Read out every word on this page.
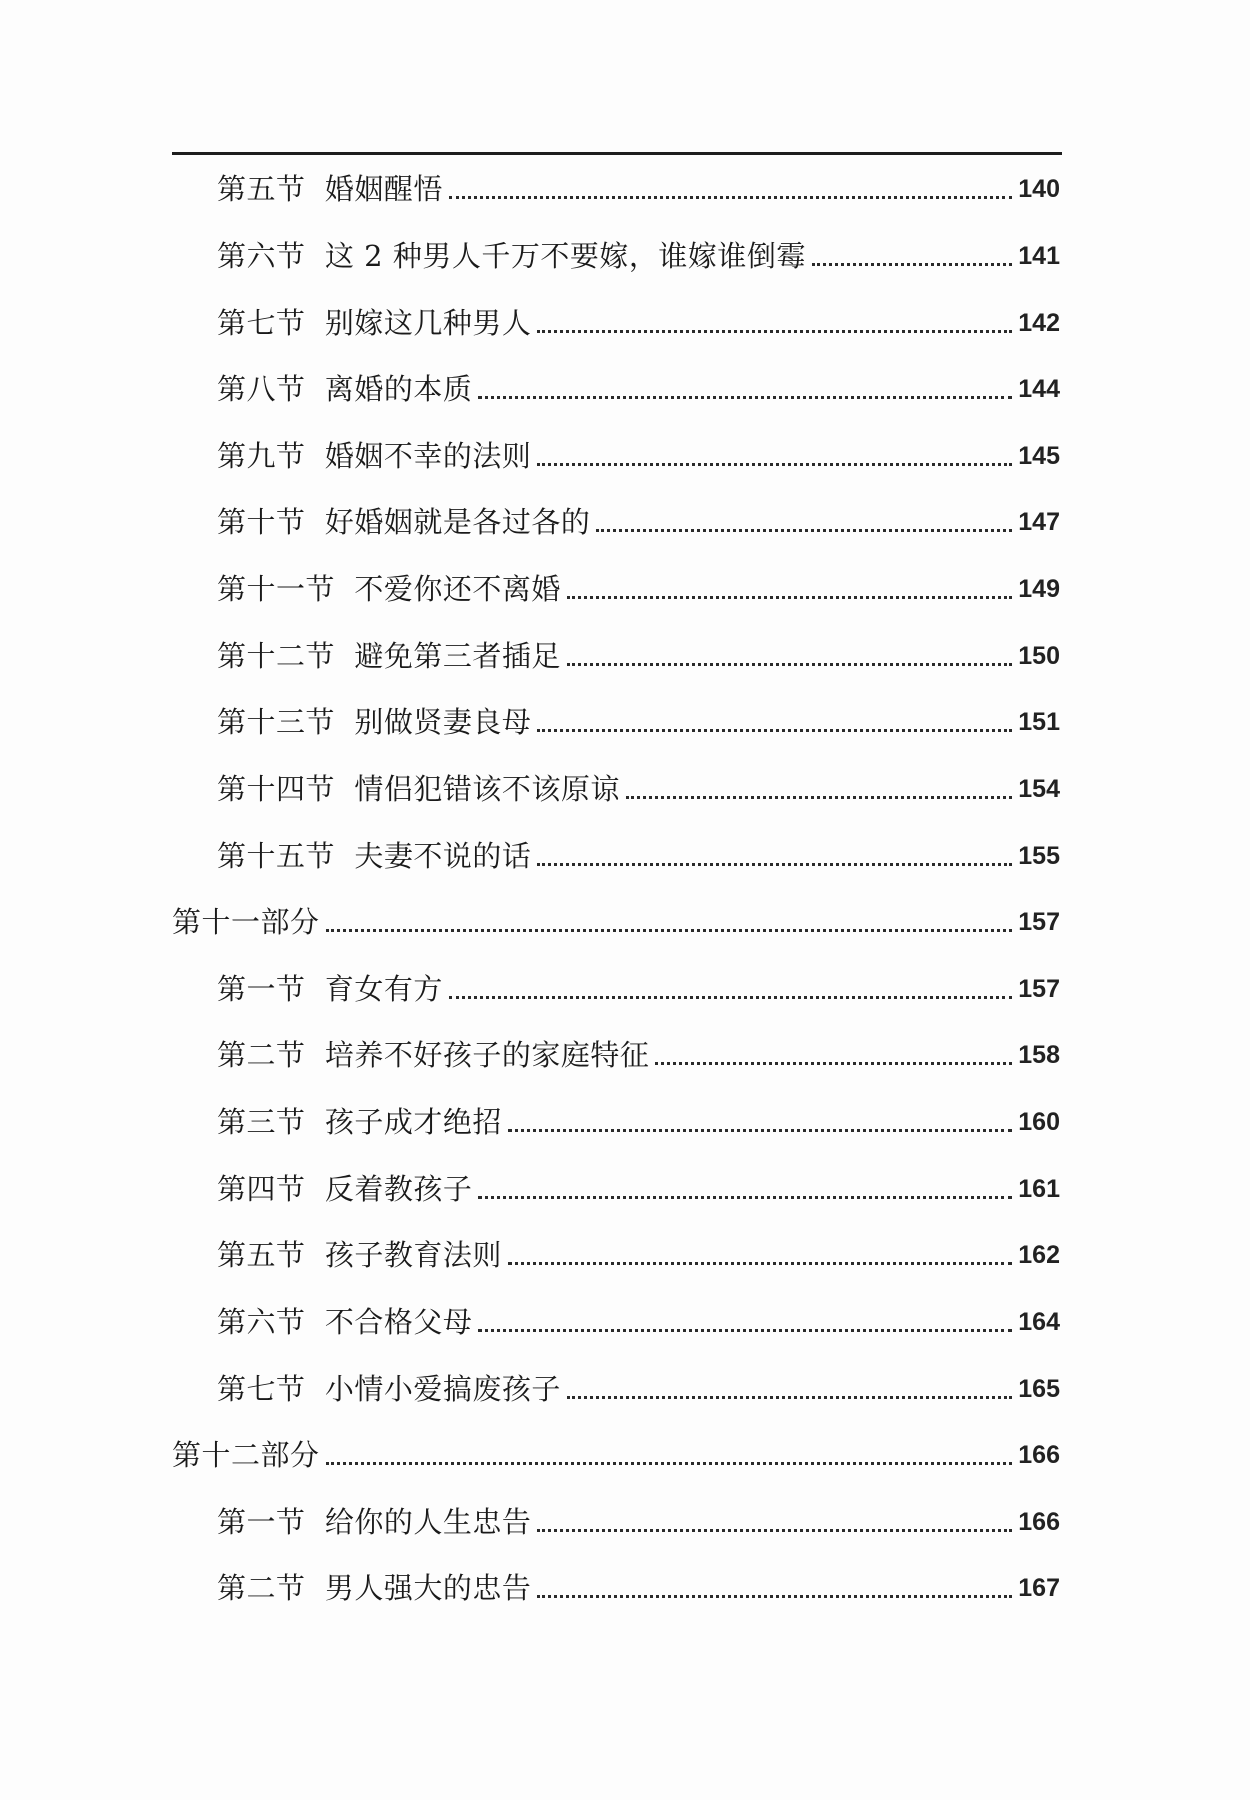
第五节  婚姻醒悟	140
第六节  这 2 种男人千万不要嫁，谁嫁谁倒霉	141
第七节  别嫁这几种男人	142
第八节  离婚的本质	144
第九节  婚姻不幸的法则	145
第十节  好婚姻就是各过各的	147
第十一节  不爱你还不离婚	149
第十二节  避免第三者插足	150
第十三节  别做贤妻良母	151
第十四节  情侣犯错该不该原谅	154
第十五节  夫妻不说的话	155
第十一部分	157
第一节  育女有方	157
第二节  培养不好孩子的家庭特征	158
第三节  孩子成才绝招	160
第四节  反着教孩子	161
第五节  孩子教育法则	162
第六节  不合格父母	164
第七节  小情小爱搞废孩子	165
第十二部分	166
第一节  给你的人生忠告	166
第二节  男人强大的忠告	167
